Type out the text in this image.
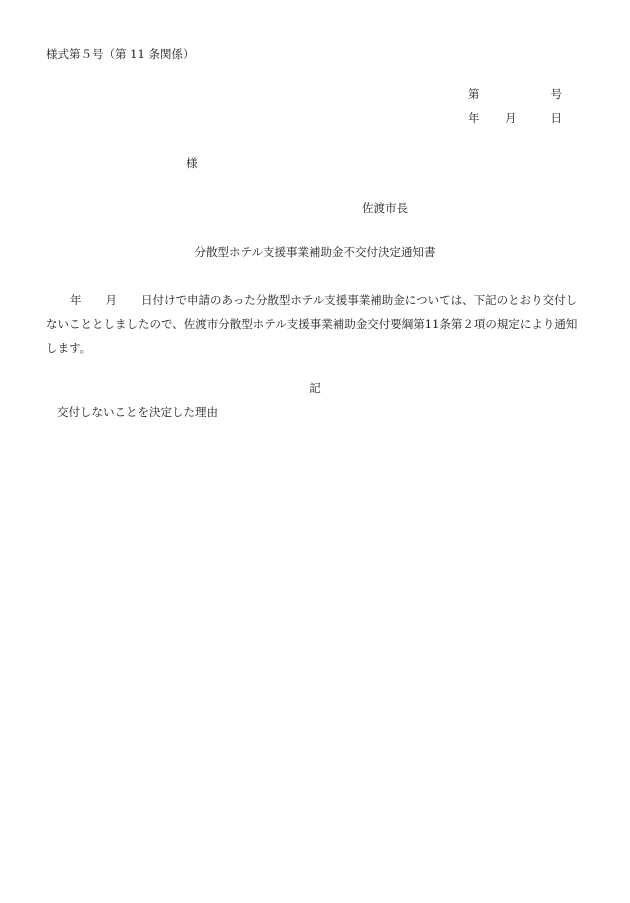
様式第５号（第 11 条関係）
第	号
年 月	日
様
佐渡市長
分散型ホテル支援事業補助金不交付決定通知書
年 月 日付けで申請のあった分散型ホテル支援事業補助金については、下記のとおり交付しないこととしましたので、佐渡市分散型ホテル支援事業補助金交付要綱第11条第２項の規定により通知します。
記
交付しないことを決定した理由
